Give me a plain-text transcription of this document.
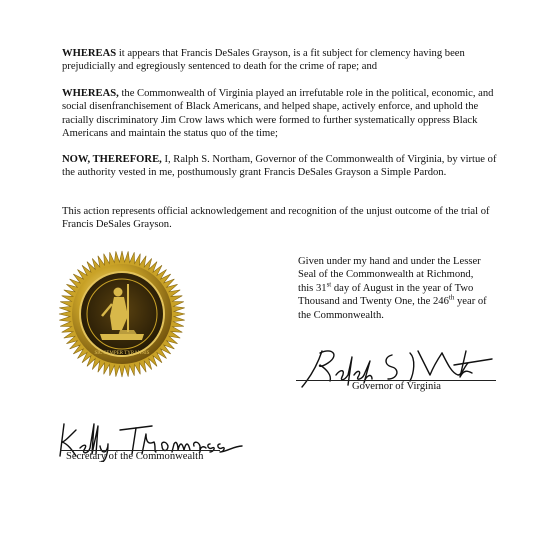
WHEREAS it appears that Francis DeSales Grayson, is a fit subject for clemency having been prejudicially and egregiously sentenced to death for the crime of rape; and

WHEREAS, the Commonwealth of Virginia played an irrefutable role in the political, economic, and social disenfranchisement of Black Americans, and helped shape, actively enforce, and uphold the racially discriminatory Jim Crow laws which were formed to further systematically oppress Black Americans and maintain the status quo of the time;

NOW, THEREFORE, I, Ralph S. Northam, Governor of the Commonwealth of Virginia, by virtue of the authority vested in me, posthumously grant Francis DeSales Grayson a Simple Pardon.

This action represents official acknowledgement and recognition of the unjust outcome of the trial of Francis DeSales Grayson.

SIC SEMPER TYRANNIS

Given under my hand and under the Lesser

Seal of the Commonwealth at Richmond,

this 31st day of August in the year of Two

Thousand and Twenty One, the 246th year of

the Commonwealth.

Governor of Virginia
Secretary of the Commonwealth
